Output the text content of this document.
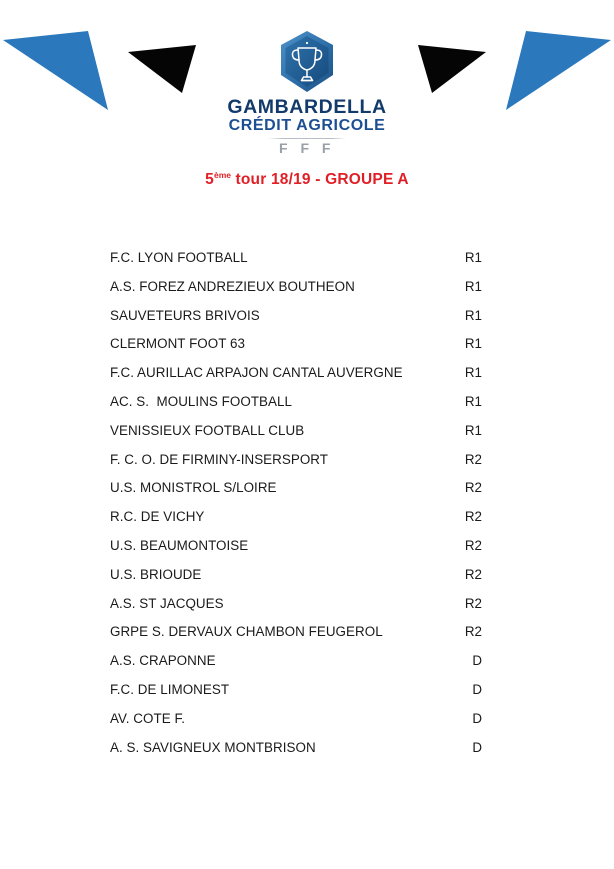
GAMBARDELLA
CRÉDIT AGRICOLE
F F F
5ème tour 18/19 - GROUPE A
F.C. LYON FOOTBALL	R1
A.S. FOREZ ANDREZIEUX BOUTHEON	R1
SAUVETEURS BRIVOIS	R1
CLERMONT FOOT 63	R1
F.C. AURILLAC ARPAJON CANTAL AUVERGNE	R1
AC. S.  MOULINS FOOTBALL	R1
VENISSIEUX FOOTBALL CLUB	R1
F. C. O. DE FIRMINY-INSERSPORT	R2
U.S. MONISTROL S/LOIRE	R2
R.C. DE VICHY	R2
U.S. BEAUMONTOISE	R2
U.S. BRIOUDE	R2
A.S. ST JACQUES	R2
GRPE S. DERVAUX CHAMBON FEUGEROL	R2
A.S. CRAPONNE	D
F.C. DE LIMONEST	D
AV. COTE F.	D
A. S. SAVIGNEUX MONTBRISON	D
